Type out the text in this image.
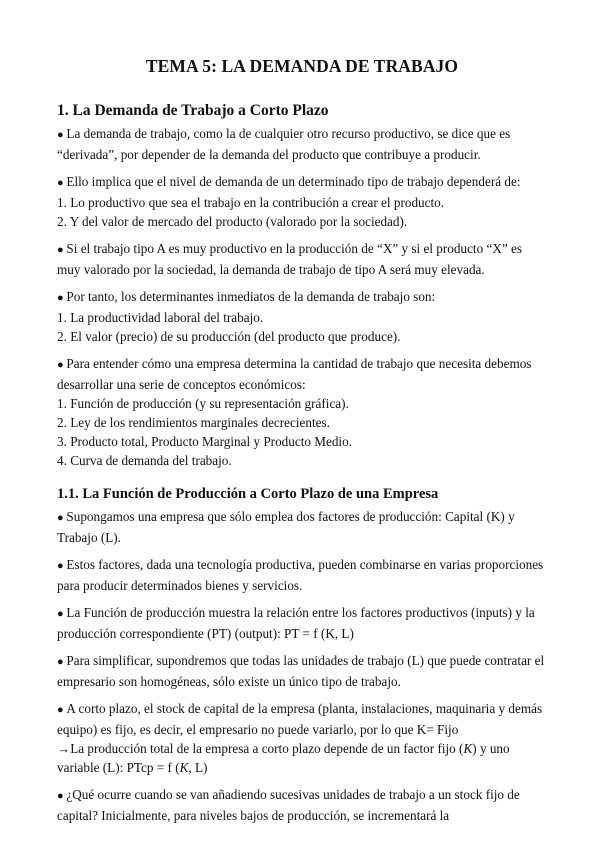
TEMA 5: LA DEMANDA DE TRABAJO
1. La Demanda de Trabajo a Corto Plazo

● La demanda de trabajo, como la de cualquier otro recurso productivo, se dice que es “derivada”, por depender de la demanda del producto que contribuye a producir.

● Ello implica que el nivel de demanda de un determinado tipo de trabajo dependerá de:
1. Lo productivo que sea el trabajo en la contribución a crear el producto.
2. Y del valor de mercado del producto (valorado por la sociedad).

● Si el trabajo tipo A es muy productivo en la producción de “X” y si el producto “X” es muy valorado por la sociedad, la demanda de trabajo de tipo A será muy elevada.

● Por tanto, los determinantes inmediatos de la demanda de trabajo son:
1. La productividad laboral del trabajo.
2. El valor (precio) de su producción (del producto que produce).
● Para entender cómo una empresa determina la cantidad de trabajo que necesita debemos desarrollar una serie de conceptos económicos:
1. Función de producción (y su representación gráfica).
2. Ley de los rendimientos marginales decrecientes.
3. Producto total, Producto Marginal y Producto Medio.
4. Curva de demanda del trabajo.
1.1. La Función de Producción a Corto Plazo de una Empresa

● Supongamos una empresa que sólo emplea dos factores de producción: Capital (K) y Trabajo (L).

● Estos factores, dada una tecnología productiva, pueden combinarse en varias proporciones para producir determinados bienes y servicios.

● La Función de producción muestra la relación entre los factores productivos (inputs) y la producción correspondiente (PT) (output): PT = f (K, L)

● Para simplificar, supondremos que todas las unidades de trabajo (L) que puede contratar el empresario son homogéneas, sólo existe un único tipo de trabajo.

● A corto plazo, el stock de capital de la empresa (planta, instalaciones, maquinaria y demás equipo) es fijo, es decir, el empresario no puede variarlo, por lo que K= Fijo
→La producción total de la empresa a corto plazo depende de un factor fijo (K) y uno variable (L): PTcp = f (K, L)

● ¿Qué ocurre cuando se van añadiendo sucesivas unidades de trabajo a un stock fijo de capital? Inicialmente, para niveles bajos de producción, se incrementará la
